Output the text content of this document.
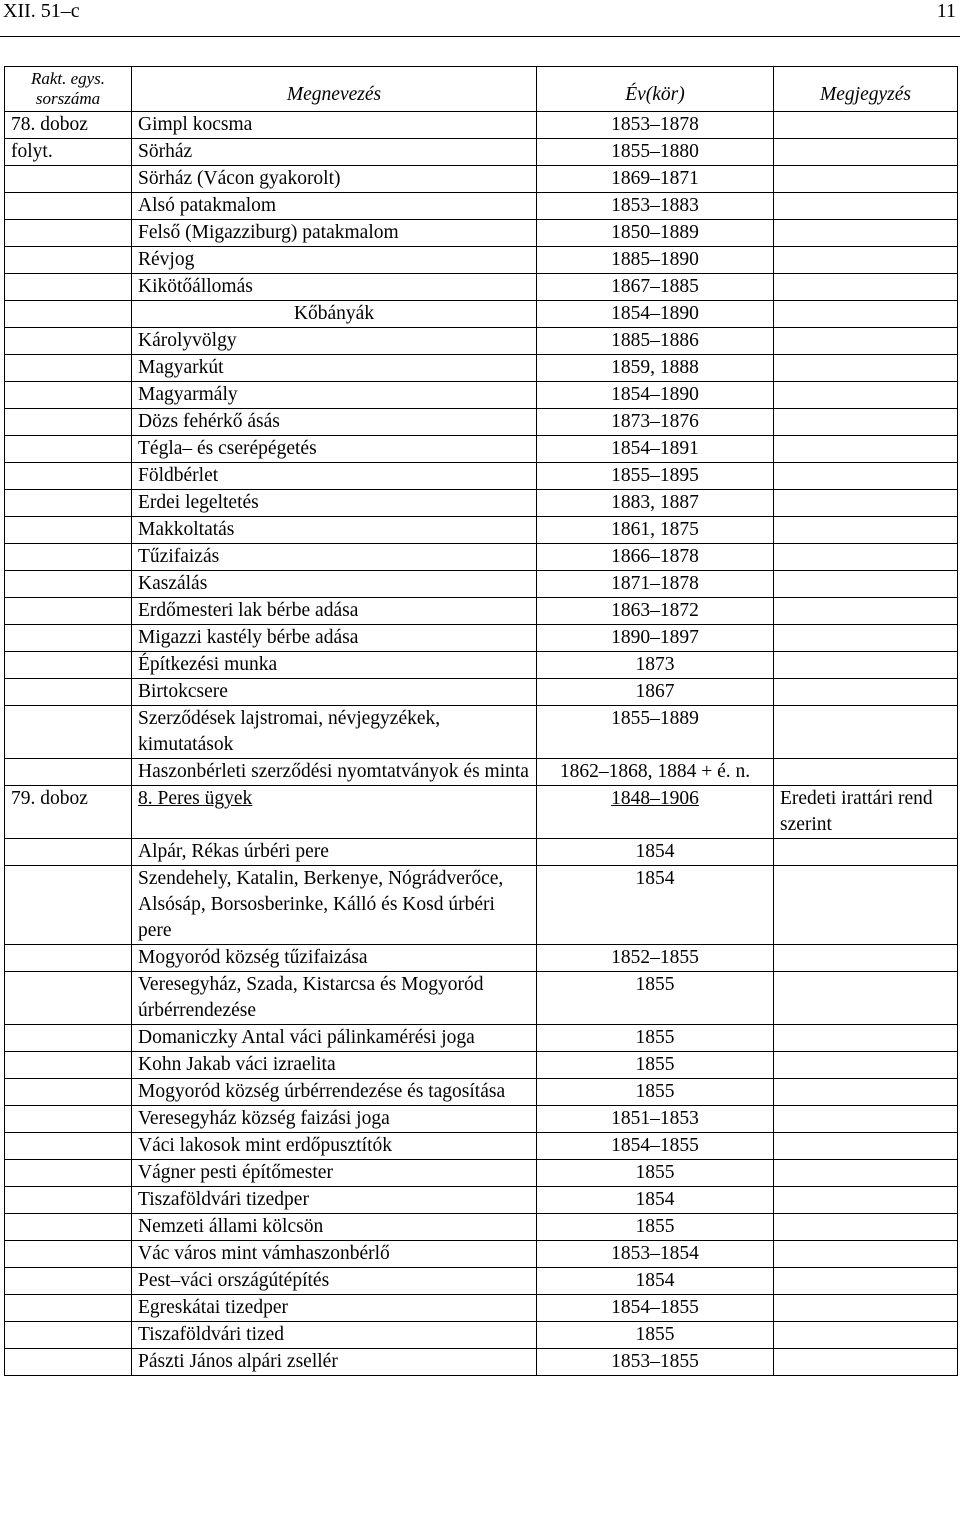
XII. 51–c	11
Rakt. egys. sorszáma	Megnevezés	Év(kör)	Megjegyzés
78. doboz	Gimpl kocsma	1853–1878	
folyt.	Sörház	1855–1880	
	Sörház (Vácon gyakorolt)	1869–1871	
	Alsó patakmalom	1853–1883	
	Felső (Migazziburg) patakmalom	1850–1889	
	Révjog	1885–1890	
	Kikötőállomás	1867–1885	
	Kőbányák	1854–1890	
	Károlyvölgy	1885–1886	
	Magyarkút	1859, 1888	
	Magyarmály	1854–1890	
	Dözs fehérkő ásás	1873–1876	
	Tégla– és cserépégetés	1854–1891	
	Földbérlet	1855–1895	
	Erdei legeltetés	1883, 1887	
	Makkoltatás	1861, 1875	
	Tűzifaizás	1866–1878	
	Kaszálás	1871–1878	
	Erdőmesteri lak bérbe adása	1863–1872	
	Migazzi kastély bérbe adása	1890–1897	
	Építkezési munka	1873	
	Birtokcsere	1867	
	Szerződések lajstromai, névjegyzékek, kimutatások	1855–1889	
	Haszonbérleti szerződési nyomtatványok és minta	1862–1868, 1884 + é. n.	
79. doboz	8. Peres ügyek	1848–1906	Eredeti irattári rend szerint
	Alpár, Rékas úrbéri pere	1854	
	Szendehely, Katalin, Berkenye, Nógrádverőce, Alsósáp, Borsosberinke, Kálló és Kosd úrbéri pere	1854	
	Mogyoród község tűzifaizása	1852–1855	
	Veresegyház, Szada, Kistarcsa és Mogyoród úrbérrendezése	1855	
	Domaniczky Antal váci pálinkamérési joga	1855	
	Kohn Jakab váci izraelita	1855	
	Mogyoród község úrbérrendezése és tagosítása	1855	
	Veresegyház község faizási joga	1851–1853	
	Váci lakosok mint erdőpusztítók	1854–1855	
	Vágner pesti építőmester	1855	
	Tiszaföldvári tizedper	1854	
	Nemzeti állami kölcsön	1855	
	Vác város mint vámhaszonbérlő	1853–1854	
	Pest–váci országútépítés	1854	
	Egreskátai tizedper	1854–1855	
	Tiszaföldvári tized	1855	
	Pászti János alpári zsellér	1853–1855	
